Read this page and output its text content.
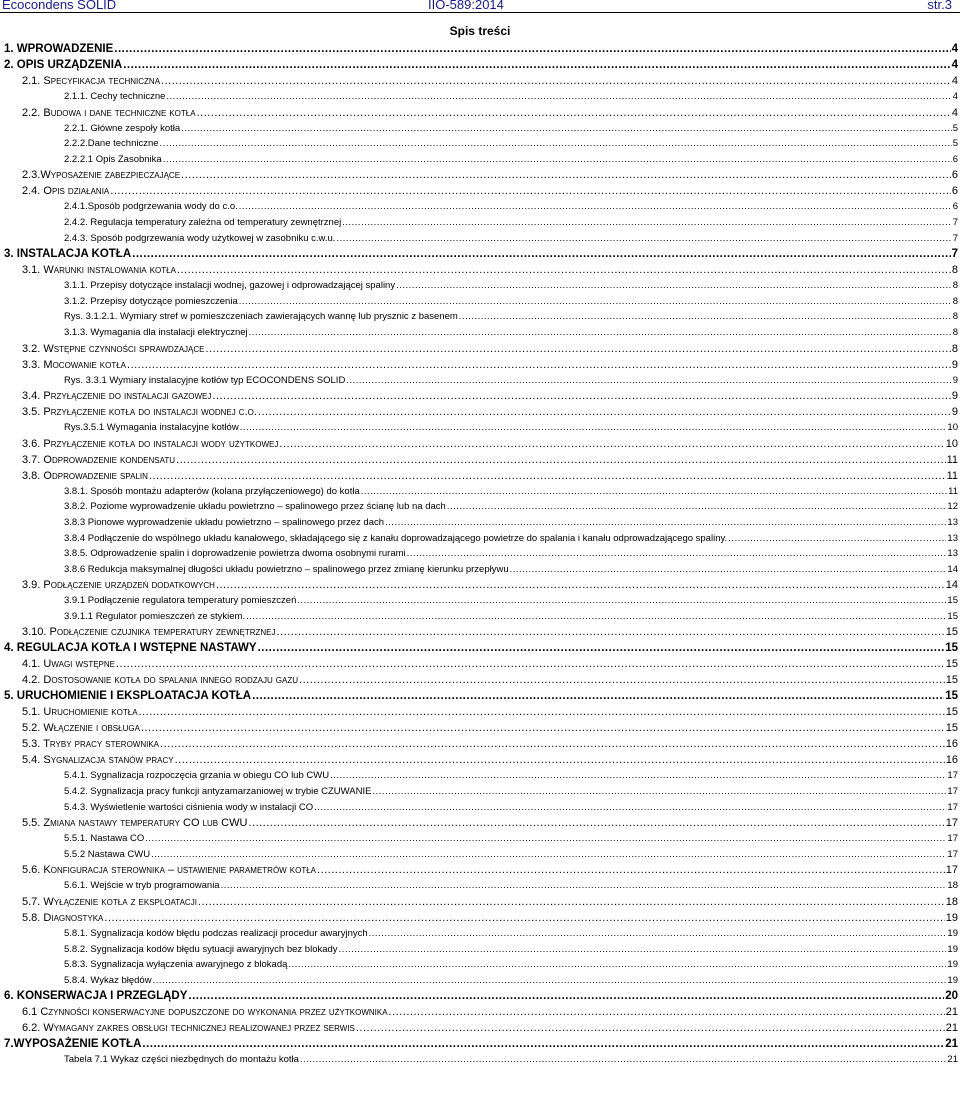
Ecocondens SOLID	IIO-589:2014	str.3
Spis treści
1. WPROWADZENIE .....	4
2. OPIS URZĄDZENIA .....	4
2.1. Specyfikacja techniczna .....	4
2.1.1. Cechy techniczne .....	4
2.2. Budowa i dane techniczne kotła .....	4
2.2.1. Główne zespoły kotła .....	5
2.2.2.Dane techniczne .....	5
2.2.2.1 Opis Zasobnika .....	6
2.3.Wyposażenie zabezpieczające .....	6
2.4. Opis działania .....	6
2.4.1.Sposób podgrzewania wody do c.o. .....	6
2.4.2. Regulacja temperatury zależna od temperatury zewnętrznej .....	7
2.4.3. Sposób podgrzewania wody użytkowej w zasobniku c.w.u. .....	7
3. INSTALACJA KOTŁA .....	7
3.1. Warunki instalowania kotła .....	8
3.1.1. Przepisy dotyczące instalacji wodnej, gazowej i odprowadzającej spaliny .....	8
3.1.2. Przepisy dotyczące pomieszczenia .....	8
Rys. 3.1.2.1. Wymiary stref w pomieszczeniach zawierających wannę lub prysznic z basenem .....	8
3.1.3. Wymagania dla instalacji elektrycznej .....	8
3.2. Wstępne czynności sprawdzające .....	8
3.3. Mocowanie kotła .....	9
Rys. 3.3.1 Wymiary instalacyjne kotłów typ ECOCONDENS SOLID .....	9
3.4. Przyłączenie do instalacji gazowej .....	9
3.5. Przyłączenie kotła do instalacji wodnej c.o. .....	9
Rys.3.5.1 Wymagania instalacyjne kotłów .....	10
3.6. Przyłączenie kotła do instalacji wody użytkowej .....	10
3.7. Odprowadzenie kondensatu .....	11
3.8. Odprowadzenie spalin .....	11
3.8.1. Sposób montażu adapterów (kolana przyłączeniowego) do kotła .....	11
3.8.2. Poziome wyprowadzenie układu powietrzno – spalinowego przez ścianę lub na dach .....	12
3.8.3 Pionowe wyprowadzenie układu powietrzno – spalinowego przez dach .....	13
3.8.4 Podłączenie do wspólnego układu kanałowego, składającego się z kanału doprowadzającego powietrze do spalania i kanału odprowadzającego spaliny. .....	13
3.8.5. Odprowadzenie spalin i doprowadzenie powietrza dwoma osobnymi rurami .....	13
3.8.6 Redukcja maksymalnej długości układu powietrzno – spalinowego przez zmianę kierunku przepływu .....	14
3.9. Podłączenie urządzeń dodatkowych .....	14
3.9.1 Podłączenie regulatora temperatury pomieszczeń .....	15
3.9.1.1 Regulator pomieszczeń ze stykiem. .....	15
3.10. Podłączenie czujnika temperatury zewnętrznej .....	15
4. REGULACJA KOTŁA I WSTĘPNE NASTAWY .....	15
4.1. Uwagi wstępne .....	15
4.2. Dostosowanie kotła do spalania innego rodzaju gazu .....	15
5. URUCHOMIENIE I EKSPLOATACJA KOTŁA .....	15
5.1. Uruchomienie kotła .....	15
5.2. Włączenie i obsługa .....	15
5.3. Tryby pracy sterownika .....	16
5.4. Sygnalizacja stanów pracy .....	16
5.4.1. Sygnalizacja rozpoczęcia grzania w obiegu CO lub CWU .....	17
5.4.2. Sygnalizacja pracy funkcji antyzamarzaniowej w trybie CZUWANIE .....	17
5.4.3. Wyświetlenie wartości ciśnienia wody w instalacji CO .....	17
5.5. Zmiana nastawy temperatury CO lub CWU .....	17
5.5.1. Nastawa CO .....	17
5.5.2 Nastawa CWU .....	17
5.6. Konfiguracja sterownika – ustawienie parametrów kotła .....	17
5.6.1. Wejście w tryb programowania .....	18
5.7. Wyłączenie kotła z eksploatacji .....	18
5.8. Diagnostyka .....	19
5.8.1. Sygnalizacja kodów błędu podczas realizacji procedur awaryjnych .....	19
5.8.2. Sygnalizacja kodów błędu sytuacji awaryjnych bez blokady .....	19
5.8.3. Sygnalizacja wyłączenia awaryjnego z blokadą .....	19
5.8.4. Wykaz błędów .....	19
6. KONSERWACJA I PRZEGLĄDY .....	20
6.1 Czynności konserwacyjne dopuszczone do wykonania przez użytkownika .....	21
6.2. Wymagany zakres obsługi technicznej realizowanej przez serwis .....	21
7.WYPOSAŻENIE KOTŁA .....	21
Tabela 7.1 Wykaz części niezbędnych do montażu kotła .....	21
